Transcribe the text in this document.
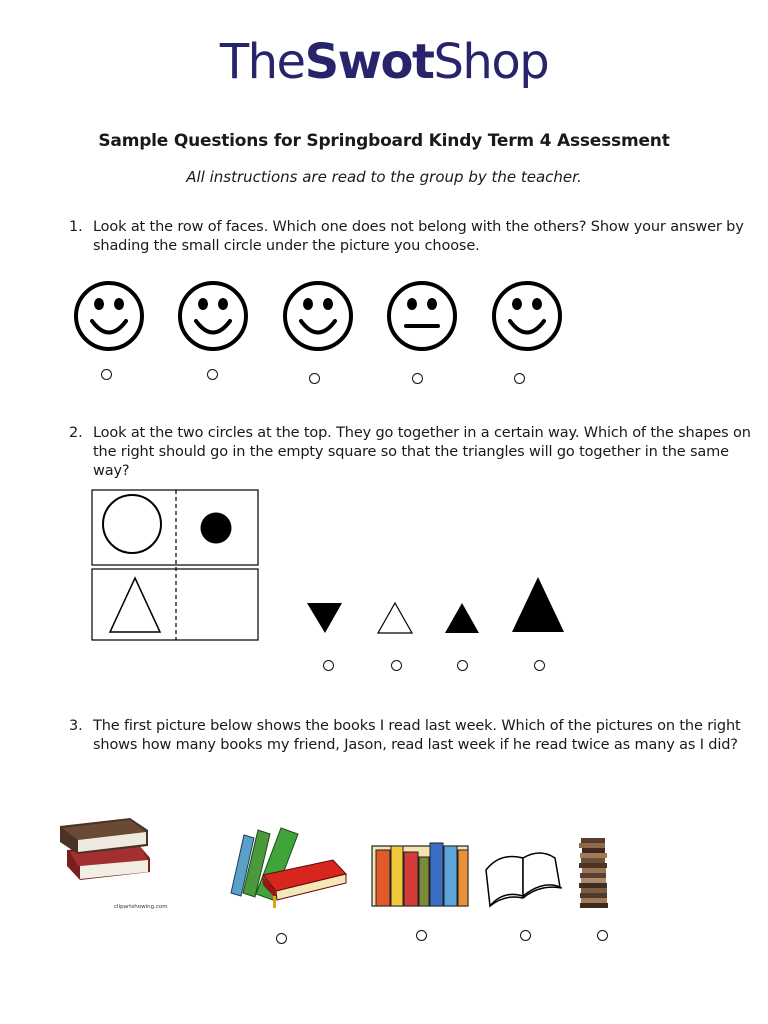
TheSwotShop
Sample Questions for Springboard Kindy Term 4 Assessment
All instructions are read to the group by the teacher.
1. Look at the row of faces. Which one does not belong with the others? Show your answer by shading the small circle under the picture you choose.
2. Look at the two circles at the top. They go together in a certain way. Which of the shapes on the right should go in the empty square so that the triangles will go together in the same way?
3. The first picture below shows the books I read last week. Which of the pictures on the right shows how many books my friend, Jason, read last week if he read twice as many as I did?
clipartshowing.com
